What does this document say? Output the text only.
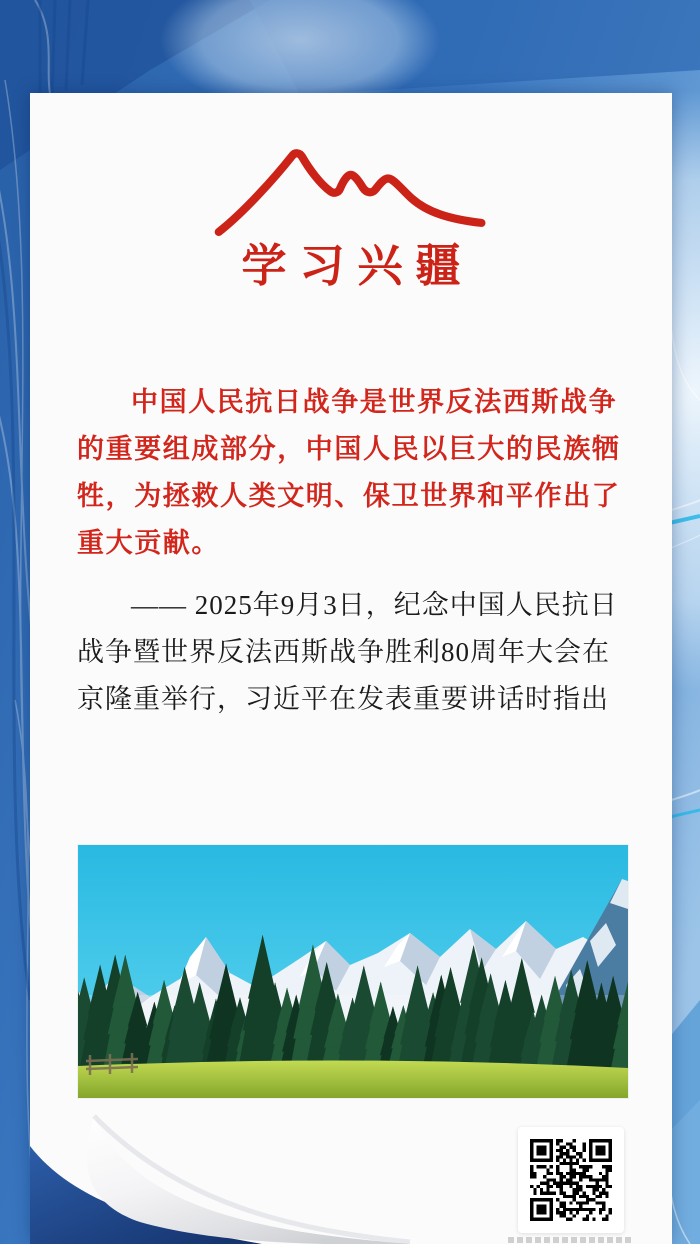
学习兴疆

中国人民抗日战争是世界反法西斯战争的重要组成部分，中国人民以巨大的民族牺牲，为拯救人类文明、保卫世界和平作出了重大贡献。

—— 2025年9月3日，纪念中国人民抗日战争暨世界反法西斯战争胜利80周年大会在京隆重举行，习近平在发表重要讲话时指出
